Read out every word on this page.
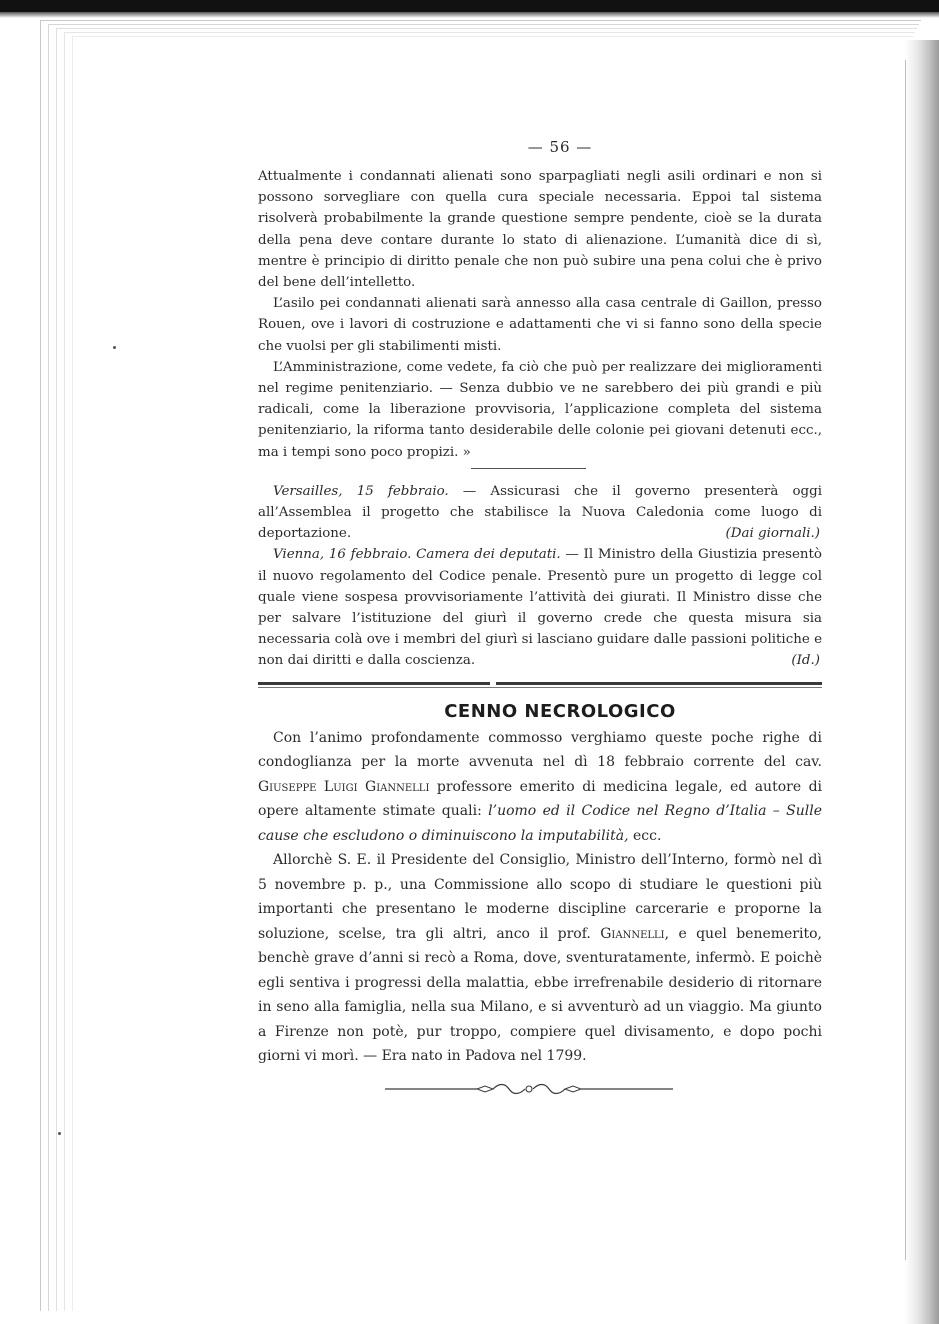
— 56 —

Attualmente i condannati alienati sono sparpagliati negli asili ordinari e non si possono sorvegliare con quella cura speciale necessaria. Eppoi tal sistema risolverà probabilmente la grande questione sempre pendente, cioè se la durata della pena deve contare durante lo stato di alienazione. L’umanità dice di sì, mentre è principio di diritto penale che non può subire una pena colui che è privo del bene dell’intelletto.

L’asilo pei condannati alienati sarà annesso alla casa centrale di Gaillon, presso Rouen, ove i lavori di costruzione e adattamenti che vi si fanno sono della specie che vuolsi per gli stabilimenti misti.

L’Amministrazione, come vedete, fa ciò che può per realizzare dei miglioramenti nel regime penitenziario. — Senza dubbio ve ne sarebbero dei più grandi e più radicali, come la liberazione provvisoria, l’applicazione completa del sistema penitenziario, la riforma tanto desiderabile delle colonie pei giovani detenuti ecc., ma i tempi sono poco propizi. »

Versailles, 15 febbraio. — Assicurasi che il governo presenterà oggi all’Assemblea il progetto che stabilisce la Nuova Caledonia come luogo di deportazione.	(Dai giornali.)

Vienna, 16 febbraio. Camera dei deputati. — Il Ministro della Giustizia presentò il nuovo regolamento del Codice penale. Presentò pure un progetto di legge col quale viene sospesa provvisoriamente l’attività dei giurati. Il Ministro disse che per salvare l’istituzione del giurì il governo crede che questa misura sia necessaria colà ove i membri del giurì si lasciano guidare dalle passioni politiche e non dai diritti e dalla coscienza.	(Id.)

CENNO NECROLOGICO

Con l’animo profondamente commosso verghiamo queste poche righe di condoglianza per la morte avvenuta nel dì 18 febbraio corrente del cav. Giuseppe Luigi Giannelli professore emerito di medicina legale, ed autore di opere altamente stimate quali: l’uomo ed il Codice nel Regno d’Italia – Sulle cause che escludono o diminuiscono la imputabilità, ecc.

Allorchè S. E. il Presidente del Consiglio, Ministro dell’Interno, formò nel dì 5 novembre p. p., una Commissione allo scopo di studiare le questioni più importanti che presentano le moderne discipline carcerarie e proporne la soluzione, scelse, tra gli altri, anco il prof. Giannelli, e quel benemerito, benchè grave d’anni si recò a Roma, dove, sventuratamente, infermò. E poichè egli sentiva i progressi della malattia, ebbe irrefrenabile desiderio di ritornare in seno alla famiglia, nella sua Milano, e si avventurò ad un viaggio. Ma giunto a Firenze non potè, pur troppo, compiere quel divisamento, e dopo pochi giorni vi morì. — Era nato in Padova nel 1799.
